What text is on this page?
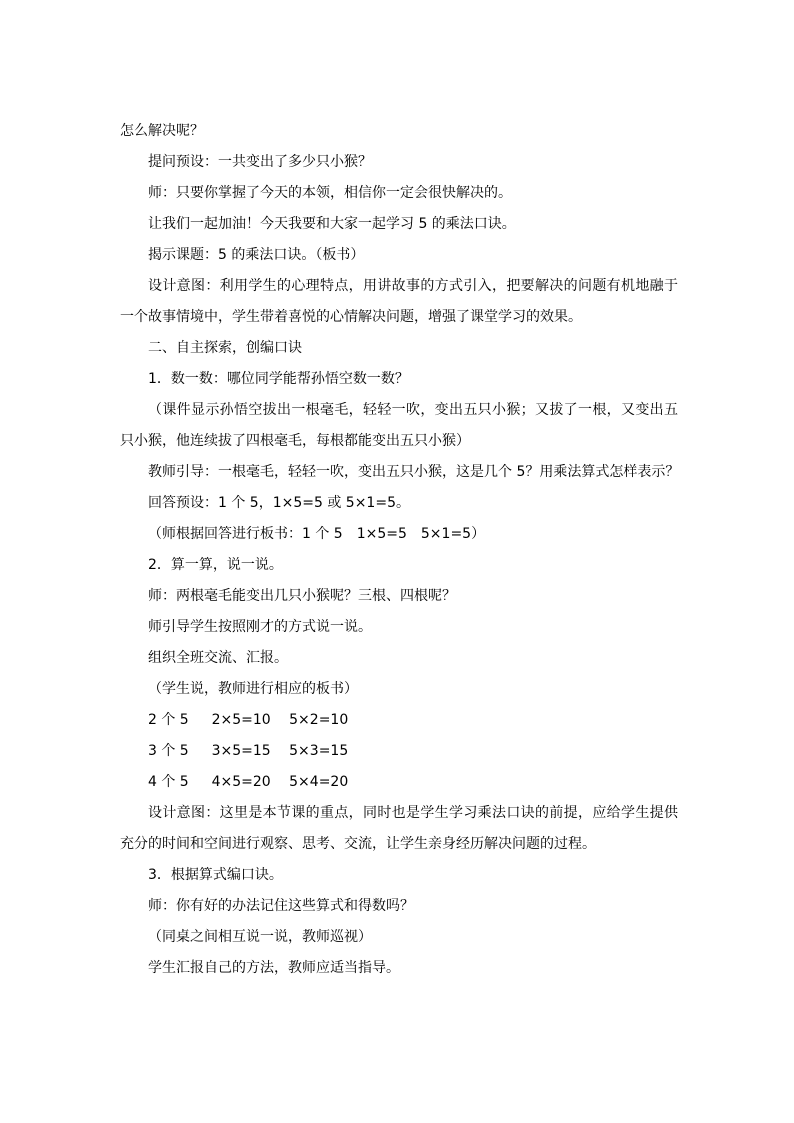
怎么解决呢？

提问预设：一共变出了多少只小猴？

师：只要你掌握了今天的本领，相信你一定会很快解决的。

让我们一起加油！今天我要和大家一起学习 5 的乘法口诀。

揭示课题：5 的乘法口诀。（板书）

设计意图：利用学生的心理特点，用讲故事的方式引入，把要解决的问题有机地融于一个故事情境中，学生带着喜悦的心情解决问题，增强了课堂学习的效果。

二、自主探索，创编口诀

1．数一数：哪位同学能帮孙悟空数一数？

（课件显示孙悟空拔出一根毫毛，轻轻一吹，变出五只小猴；又拔了一根，又变出五只小猴，他连续拔了四根毫毛，每根都能变出五只小猴）

教师引导：一根毫毛，轻轻一吹，变出五只小猴，这是几个 5？用乘法算式怎样表示？

回答预设：1 个 5，1×5=5 或 5×1=5。

（师根据回答进行板书：1 个 5　1×5=5　5×1=5）

2．算一算，说一说。

师：两根毫毛能变出几只小猴呢？三根、四根呢？

师引导学生按照刚才的方式说一说。

组织全班交流、汇报。

（学生说，教师进行相应的板书）

2 个 5　  2×5=10　 5×2=10

3 个 5　  3×5=15　 5×3=15

4 个 5　  4×5=20　 5×4=20

设计意图：这里是本节课的重点，同时也是学生学习乘法口诀的前提，应给学生提供充分的时间和空间进行观察、思考、交流，让学生亲身经历解决问题的过程。

3．根据算式编口诀。

师：你有好的办法记住这些算式和得数吗？

（同桌之间相互说一说，教师巡视）

学生汇报自己的方法，教师应适当指导。
